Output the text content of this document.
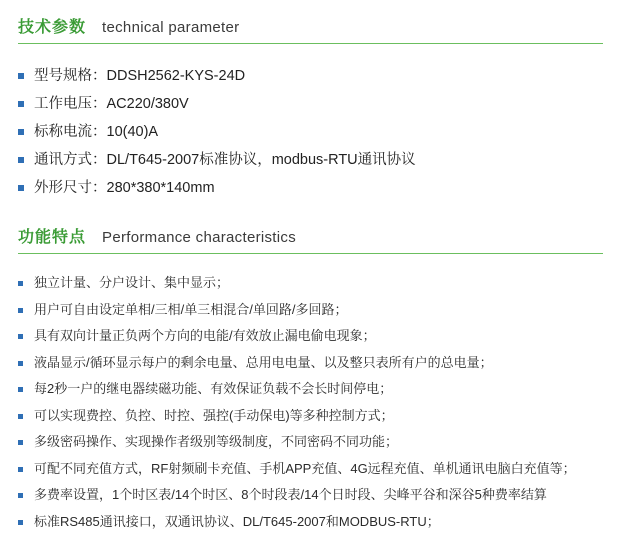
技术参数 technical parameter
型号规格：DDSH2562-KYS-24D
工作电压：AC220/380V
标称电流：10(40)A
通讯方式：DL/T645-2007标准协议，modbus-RTU通讯协议
外形尺寸：280*380*140mm
功能特点 Performance characteristics
独立计量、分户设计、集中显示；
用户可自由设定单相/三相/单三相混合/单回路/多回路；
具有双向计量正负两个方向的电能/有效放止漏电偷电现象；
液晶显示/循环显示每户的剩余电量、总用电电量、以及整只表所有户的总电量；
每2秒一户的继电器续磁功能、有效保证负载不会长时间停电；
可以实现费控、负控、时控、强控(手动保电)等多种控制方式；
多级密码操作、实现操作者级别等级制度，不同密码不同功能；
可配不同充值方式，RF射频刷卡充值、手机APP充值、4G远程充值、单机通讯电脑白充值等；
多费率设置，1个时区表/14个时区、8个时段表/14个日时段、尖峰平谷和深谷5种费率结算
标准RS485通讯接口，双通讯协议、DL/T645-2007和MODBUS-RTU；
